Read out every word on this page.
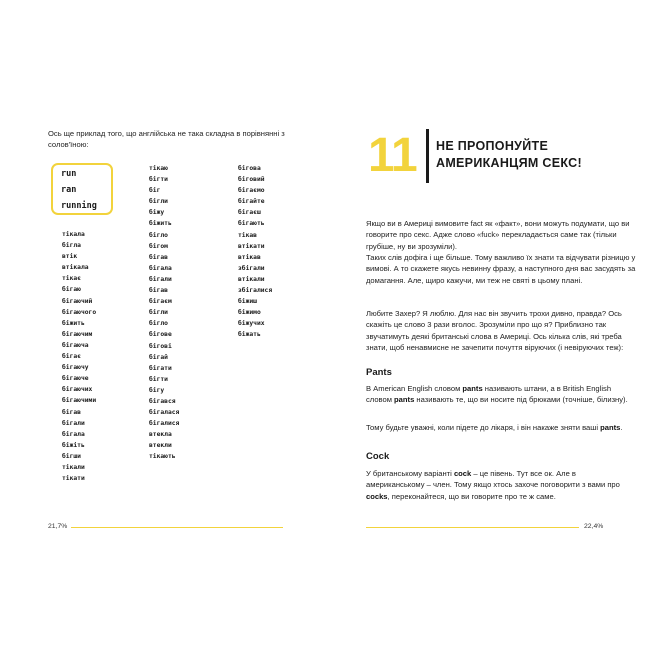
Ось ще приклад того, що англійська не така складна в порівнянні з солов'їною:

run
ran
running
тікала
бігла
втік
втікала
тікає
бігаю
бігаючий
бігаючого
біжить
бігаючим
бігаюча
бігає
бігаючу
бігаюче
бігаючих
бігаючими
бігав
бігали
бігала
біжіть
бігши
тікали
тікати
тікаю
бігти
біг
бігли
біжу
біжить
бігло
бігом
бігав
бігала
бігали
бігав
бігаєм
бігли
бігло
бігове
бігові
бігай
бігати
бігти
бігу
бігався
бігалася
бігалися
втекла
втекли
тікають
бігова
біговий
бігаємо
бігайте
бігаєш
бігають
тікав
втікати
втікав
збігали
втікали
збігалися
біжиш
біжимо
біжучих
біжать
21,7%
11 НЕ ПРОПОНУЙТЕ АМЕРИКАНЦЯМ СЕКС!

Якщо ви в Америці вимовите fact як «факт», вони можуть подумати, що ви говорите про секс. Адже слово «fuck» перекладається саме так (тільки грубіше, ну ви зрозуміли).

Таких слів дофіга і ще більше. Тому важливо їх знати та відчувати різницю у вимові. А то скажете якусь невинну фразу, а наступного дня вас засудять за домагання. Але, щиро кажучи, ми теж не святі в цьому плані.

Любите Захер? Я люблю. Для нас він звучить трохи дивно, правда? Ось скажіть це слово 3 рази вголос. Зрозуміли про що я? Приблизно так звучатимуть деякі британські слова в Америці. Ось кілька слів, які треба знати, щоб ненавмисне не зачепити почуття віруючих (і невіруючих теж):

Pants

В American English словом pants називають штани, а в British English словом pants називають те, що ви носите під брюками (точніше, білизну).

Тому будьте уважні, коли підете до лікаря, і він накаже зняти ваші pants.

Cock

У британському варіанті cock – це півень. Тут все ок. Але в американському – член. Тому якщо хтось захоче поговорити з вами про cocks, переконайтеся, що ви говорите про те ж саме.

22,4%
